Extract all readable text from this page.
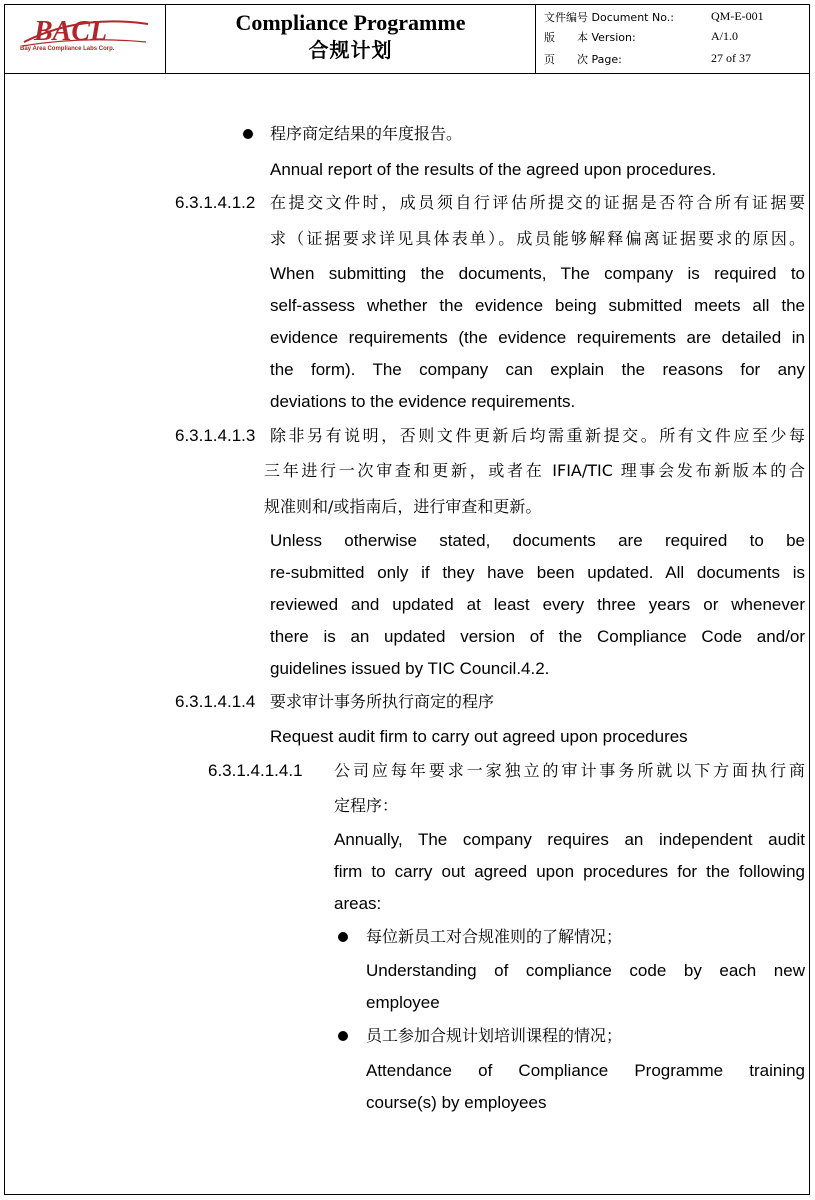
BACL
Bay Area Compliance Labs Corp.
Compliance Programme
合规计划
文件编号 Document No.:	QM-E-001
版　　本 Version:	A/1.0
页　　次 Page:	27 of 37
程序商定结果的年度报告。
Annual report of the results of the agreed upon procedures.
6.3.1.4.1.2 在提交文件时，成员须自行评估所提交的证据是否符合所有证据要
求（证据要求详见具体表单）。成员能够解释偏离证据要求的原因。
When submitting the documents, The company is required to
self-assess whether the evidence being submitted meets all the
evidence requirements (the evidence requirements are detailed in
the form). The company can explain the reasons for any
deviations to the evidence requirements.
6.3.1.4.1.3 除非另有说明，否则文件更新后均需重新提交。所有文件应至少每
三年进行一次审查和更新，或者在 IFIA/TIC 理事会发布新版本的合
规准则和/或指南后，进行审查和更新。
Unless otherwise stated, documents are required to be
re-submitted only if they have been updated. All documents is
reviewed and updated at least every three years or whenever
there is an updated version of the Compliance Code and/or
guidelines issued by TIC Council.4.2.
6.3.1.4.1.4 要求审计事务所执行商定的程序
Request audit firm to carry out agreed upon procedures
6.3.1.4.1.4.1 公司应每年要求一家独立的审计事务所就以下方面执行商
定程序：
Annually, The company requires an independent audit
firm to carry out agreed upon procedures for the following
areas:
每位新员工对合规准则的了解情况；
Understanding of compliance code by each new
employee
员工参加合规计划培训课程的情况；
Attendance of Compliance Programme training
course(s) by employees
